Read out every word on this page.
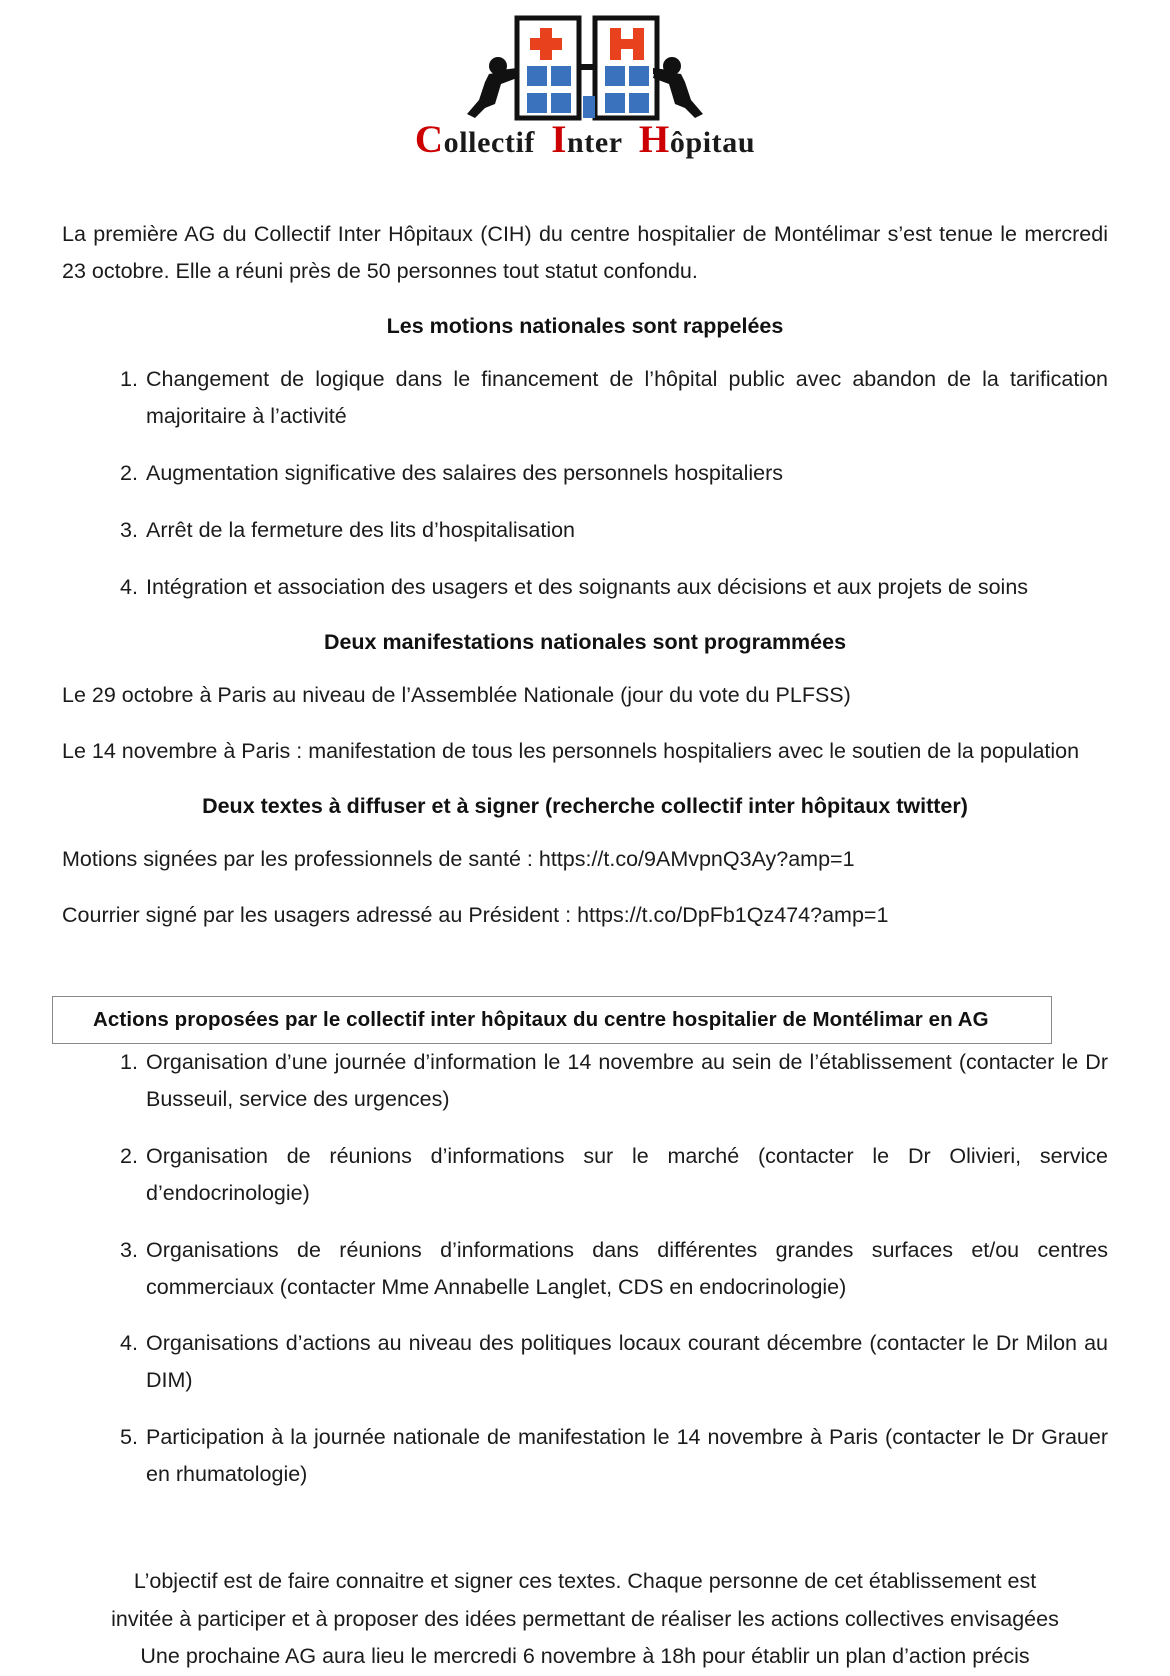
Collectif Inter Hôpitau

La première AG du Collectif Inter Hôpitaux (CIH) du centre hospitalier de Montélimar s’est tenue le mercredi 23 octobre. Elle a réuni près de 50 personnes tout statut confondu.

Les motions nationales sont rappelées
Changement de logique dans le financement de l’hôpital public avec abandon de la tarification majoritaire à l’activité
Augmentation significative des salaires des personnels hospitaliers
Arrêt de la fermeture des lits d’hospitalisation
Intégration et association des usagers et des soignants aux décisions et aux projets de soins
Deux manifestations nationales sont programmées

Le 29 octobre à Paris au niveau de l’Assemblée Nationale (jour du vote du PLFSS)

Le 14 novembre à Paris : manifestation de tous les personnels hospitaliers avec le soutien de la population

Deux textes à diffuser et à signer (recherche collectif inter hôpitaux twitter)

Motions signées par les professionnels de santé : https://t.co/9AMvpnQ3Ay?amp=1

Courrier signé par les usagers adressé au Président : https://t.co/DpFb1Qz474?amp=1

Actions proposées par le collectif inter hôpitaux du centre hospitalier de Montélimar en AG
Organisation d’une journée d’information le 14 novembre au sein de l’établissement (contacter le Dr Busseuil, service des urgences)
Organisation de réunions d’informations sur le marché (contacter le Dr Olivieri, service d’endocrinologie)
Organisations de réunions d’informations dans différentes grandes surfaces et/ou centres commerciaux (contacter Mme Annabelle Langlet, CDS en endocrinologie)
Organisations d’actions au niveau des politiques locaux courant décembre (contacter le Dr Milon au DIM)
Participation à la journée nationale de manifestation le 14 novembre à Paris (contacter le Dr Grauer en rhumatologie)

L’objectif est de faire connaitre et signer ces textes. Chaque personne de cet établissement est

invitée à participer et à proposer des idées permettant de réaliser les actions collectives envisagées

Une prochaine AG aura lieu le mercredi 6 novembre à 18h pour établir un plan d’action précis
